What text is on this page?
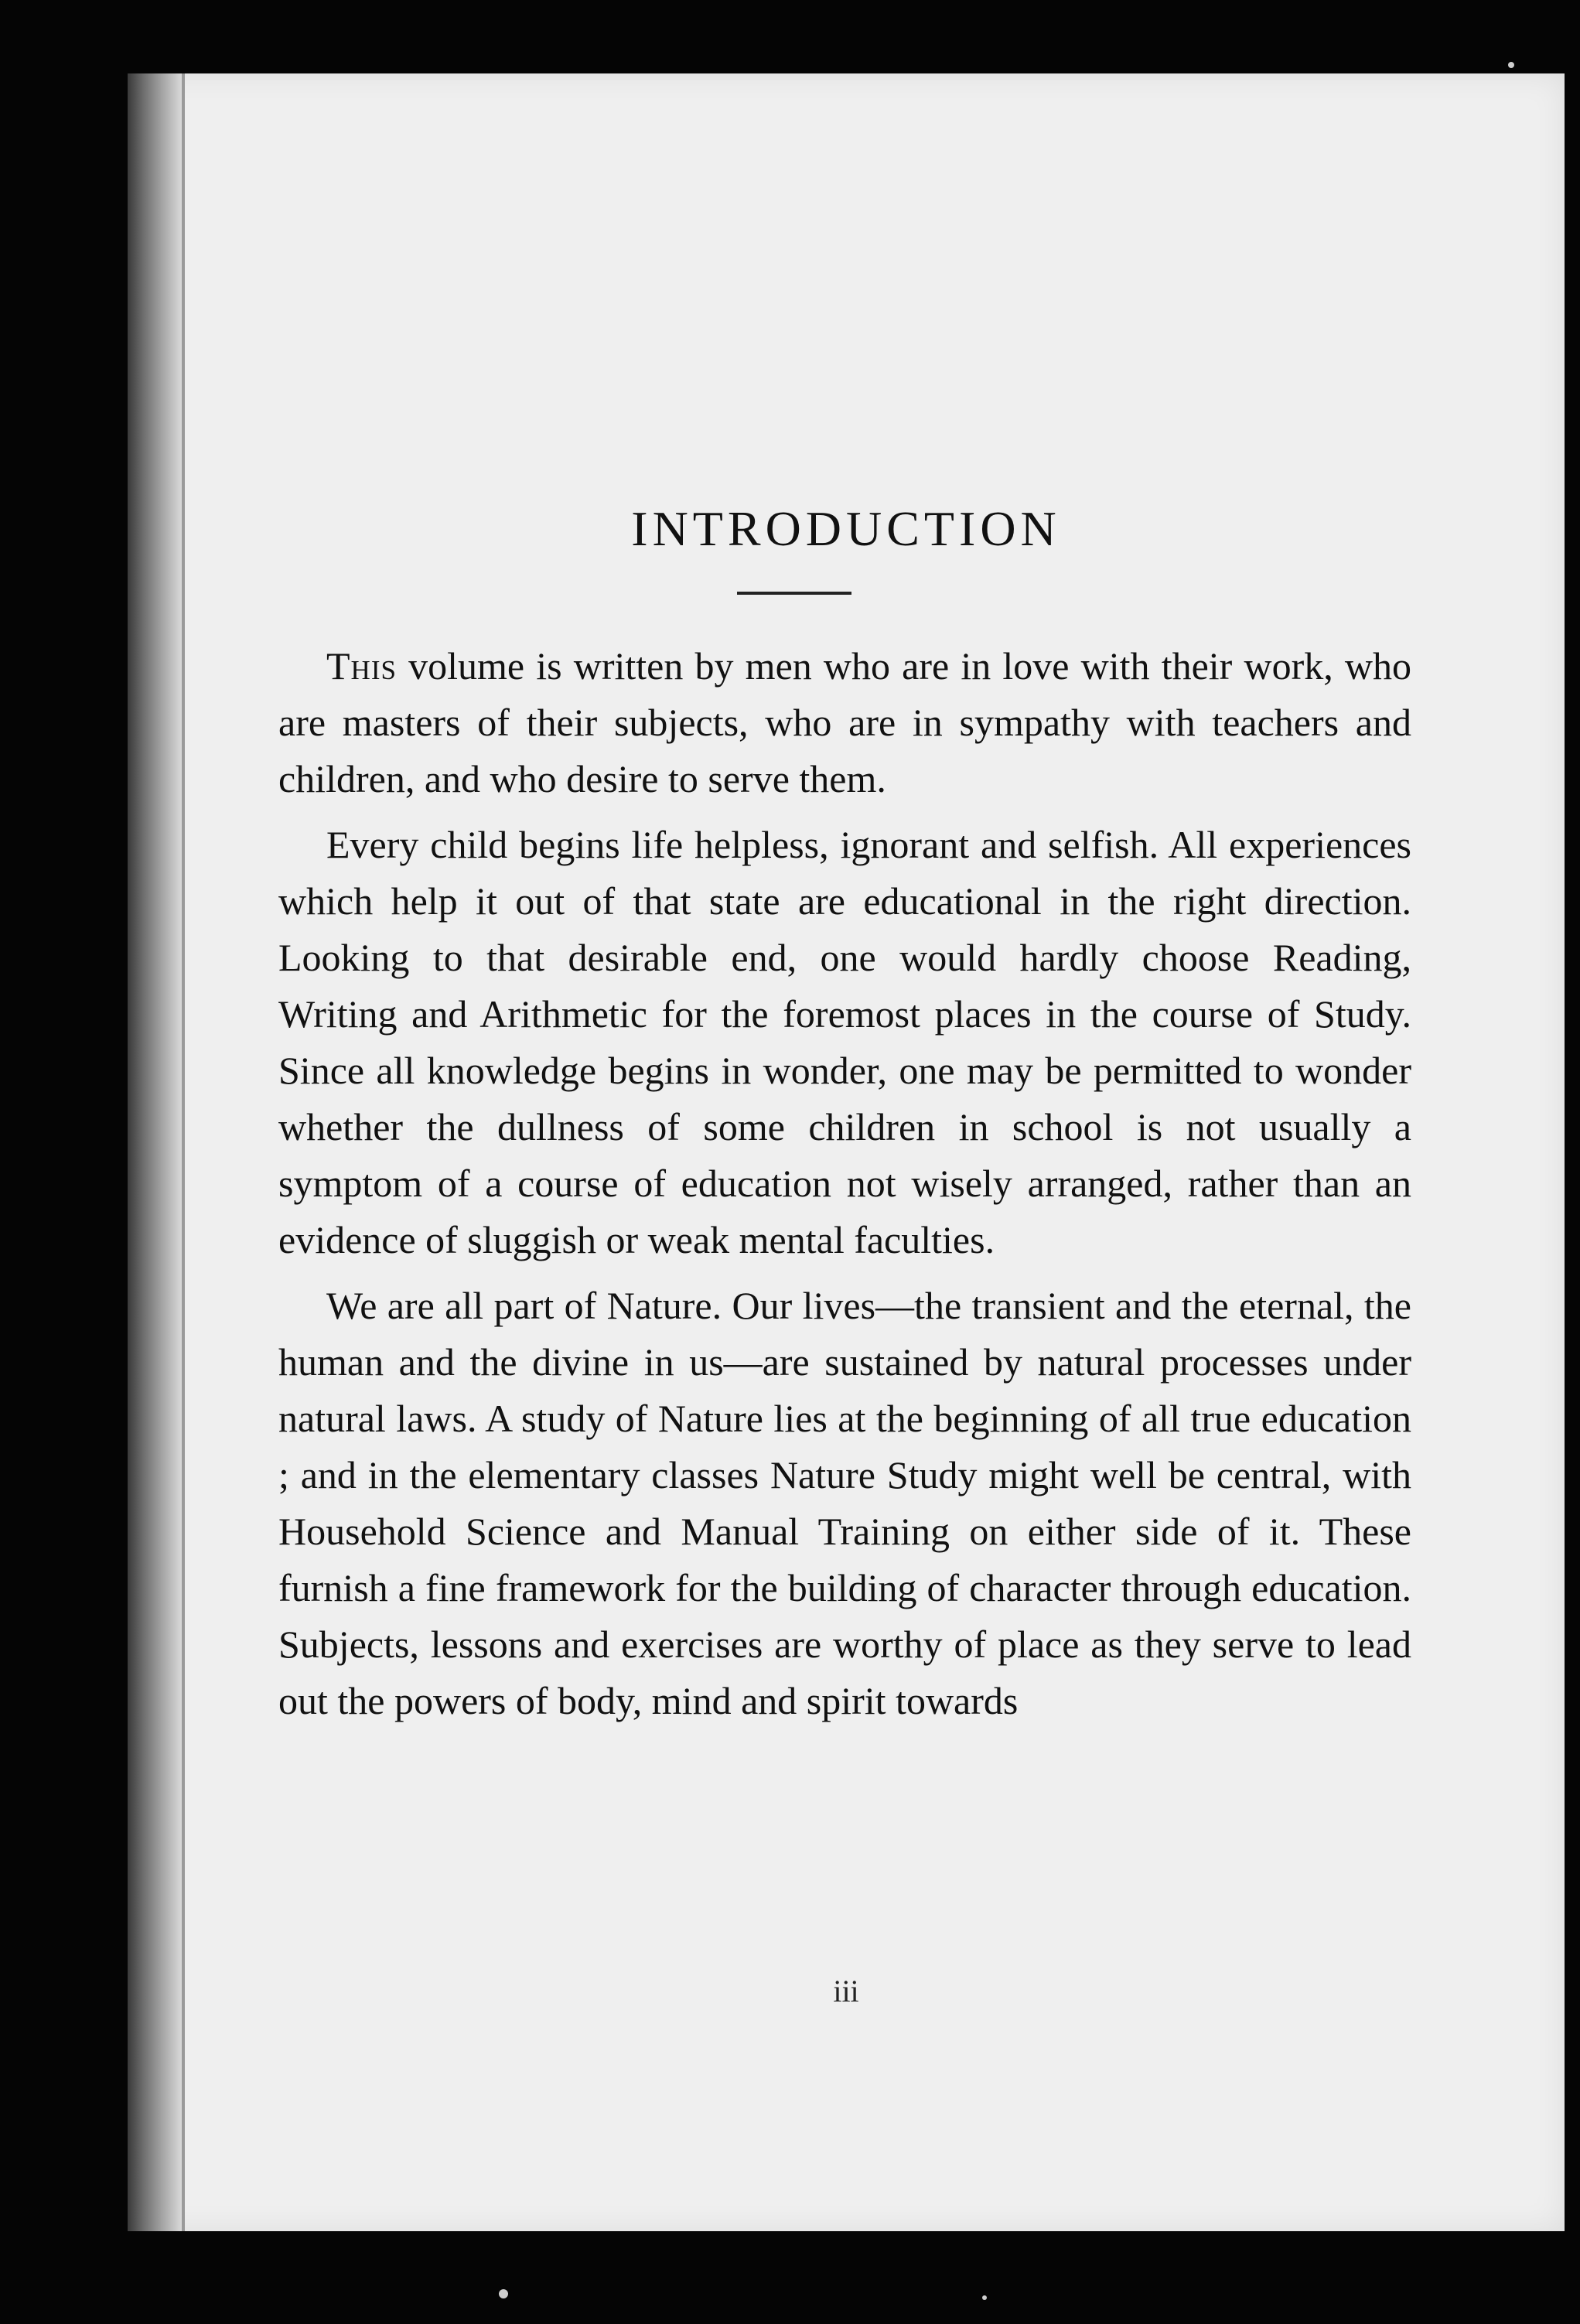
INTRODUCTION

This volume is written by men who are in love with their work, who are masters of their subjects, who are in sympathy with teachers and children, and who desire to serve them.

Every child begins life helpless, ignorant and selfish. All experiences which help it out of that state are educational in the right direction. Looking to that desirable end, one would hardly choose Reading, Writing and Arithmetic for the foremost places in the course of Study. Since all knowledge begins in wonder, one may be permitted to wonder whether the dullness of some children in school is not usually a symptom of a course of education not wisely arranged, rather than an evidence of sluggish or weak mental faculties.

We are all part of Nature. Our lives—the transient and the eternal, the human and the divine in us—are sustained by natural processes under natural laws. A study of Nature lies at the beginning of all true education ; and in the elementary classes Nature Study might well be central, with Household Science and Manual Training on either side of it. These furnish a fine framework for the building of character through education. Subjects, lessons and exercises are worthy of place as they serve to lead out the powers of body, mind and spirit towards

iii
